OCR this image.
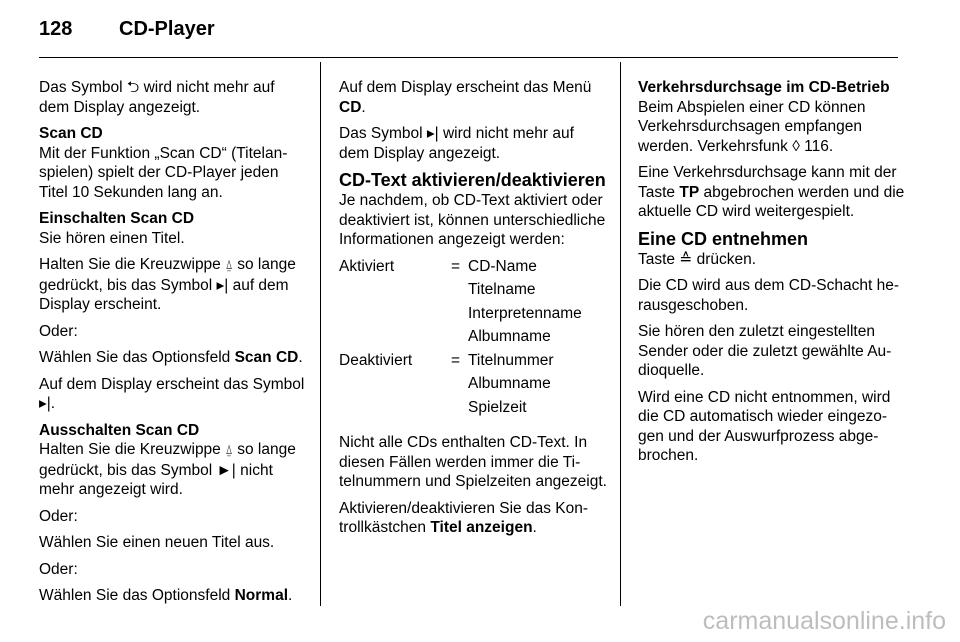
128	CD-Player

Das Symbol ⮌ wird nicht mehr auf dem Display angezeigt.

Scan CD
Mit der Funktion „Scan CD“ (Titelanspielen) spielt der CD-Player jeden Titel 10 Sekunden lang an.
Einschalten Scan CD
Sie hören einen Titel.

Halten Sie die Kreuzwippe ⍙ so lange gedrückt, bis das Symbol ▸| auf dem Display erscheint.

Oder:

Wählen Sie das Optionsfeld Scan CD.

Auf dem Display erscheint das Symbol ▸|.

Ausschalten Scan CD
Halten Sie die Kreuzwippe ⍙ so lange gedrückt, bis das Symbol ►| nicht mehr angezeigt wird.

Oder:

Wählen Sie einen neuen Titel aus.

Oder:

Wählen Sie das Optionsfeld Normal.

Auf dem Display erscheint das Menü CD.

Das Symbol ▸| wird nicht mehr auf dem Display angezeigt.

CD-Text aktivieren/deaktivieren

Je nachdem, ob CD-Text aktiviert oder deaktiviert ist, können unterschiedliche Informationen angezeigt werden:

Aktiviert	=	CD-Name
		Titelname
		Interpretenname
		Albumname
Deaktiviert	=	Titelnummer
		Albumname
		Spielzeit

Nicht alle CDs enthalten CD-Text. In diesen Fällen werden immer die Titelnummern und Spielzeiten angezeigt.

Aktivieren/deaktivieren Sie das Kontrollkästchen Titel anzeigen.

Verkehrsdurchsage im CD-Betrieb
Beim Abspielen einer CD können Verkehrsdurchsagen empfangen werden. Verkehrsfunk ◊ 116.

Eine Verkehrsdurchsage kann mit der Taste TP abgebrochen werden und die aktuelle CD wird weitergespielt.

Eine CD entnehmen

Taste ≙ drücken.

Die CD wird aus dem CD-Schacht herausgeschoben.

Sie hören den zuletzt eingestellten Sender oder die zuletzt gewählte Audioquelle.

Wird eine CD nicht entnommen, wird die CD automatisch wieder eingezogen und der Auswurfprozess abgebrochen.

carmanualsonline.info
